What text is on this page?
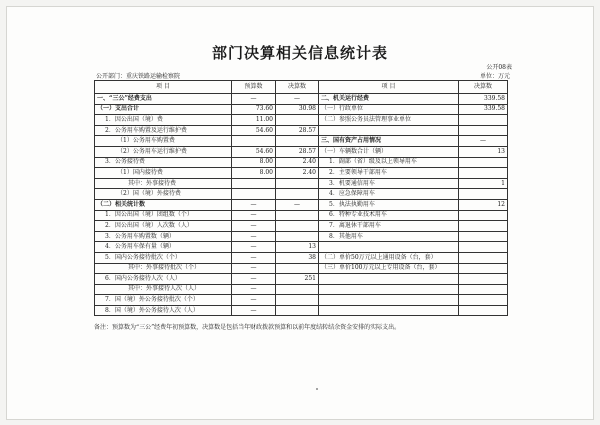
部门决算相关信息统计表
公开08表
公开部门：重庆铁路运输检察院	单位：万元
项 目	预算数	决算数	项 目	决算数
一、“三公”经费支出	—	—	二、机关运行经费	339.58
（一）支出合计	73.60	30.98	（一）行政单位	339.58
1．因公出国（境）费	11.00		（二）参照公务员法管理事业单位	
2．公务用车购置及运行维护费	54.60	28.57		
（1）公务用车购置费			三、国有资产占用情况	—
（2）公务用车运行维护费	54.60	28.57	（一）车辆数合计（辆）	13
3．公务接待费	8.00	2.40	1．副部（省）级及以上领导用车	
（1）国内接待费	8.00	2.40	2．主要领导干部用车	
其中：外事接待费			3．机要通信用车	1
（2）国（境）外接待费			4．应急保障用车	
（二）相关统计数	—	—	5．执法执勤用车	12
1．因公出国（境）团组数（个）	—		6．特种专业技术用车	
2．因公出国（境）人次数（人）	—		7．离退休干部用车	
3．公务用车购置数（辆）	—		8．其他用车	
4．公务用车保有量（辆）	—	13		
5．国内公务接待批次（个）	—	38	（二）单价50万元以上通用设备（台，套）	
其中：外事接待批次（个）	—		（三）单价100万元以上专用设备（台，套）	
6．国内公务接待人次（人）	—	251		
其中：外事接待人次（人）	—			
7．国（境）外公务接待批次（个）	—			
8．国（境）外公务接待人次（人）	—			
备注：预算数为“三公”经费年初预算数，决算数是包括当年财政拨款预算和以前年度结转结余资金安排的实际支出。
